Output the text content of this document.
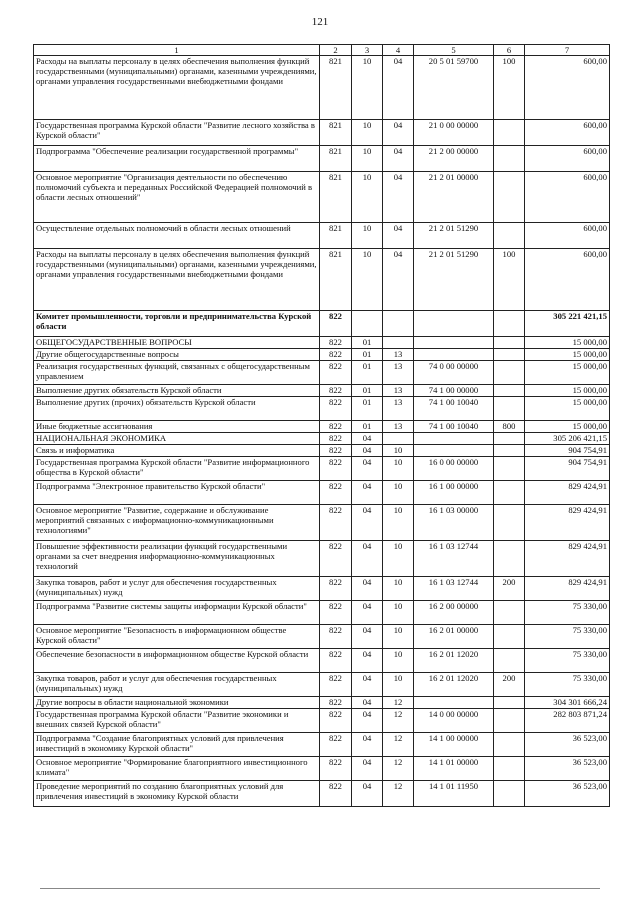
121
1	2	3	4	5	6	7
Расходы на выплаты персоналу в целях обеспечения выполнения функций государственными (муниципальными) органами, казенными учреждениями, органами управления государственными внебюджетными фондами	821	10	04	20 5 01 59700	100	600,00
Государственная программа Курской области "Развитие лесного хозяйства в Курской области"	821	10	04	21 0 00 00000		600,00
Подпрограмма "Обеспечение реализации государственной программы"	821	10	04	21 2 00 00000		600,00
Основное мероприятие "Организация деятельности по обеспечению полномочий субъекта и переданных Российской Федерацией полномочий в области лесных отношений"	821	10	04	21 2 01 00000		600,00
Осуществление отдельных полномочий в области лесных отношений	821	10	04	21 2 01 51290		600,00
Расходы на выплаты персоналу в целях обеспечения выполнения функций государственными (муниципальными) органами, казенными учреждениями, органами управления государственными внебюджетными фондами	821	10	04	21 2 01 51290	100	600,00
Комитет промышленности, торговли и предпринимательства Курской области	822					305 221 421,15
ОБЩЕГОСУДАРСТВЕННЫЕ ВОПРОСЫ	822	01				15 000,00
Другие общегосударственные вопросы	822	01	13			15 000,00
Реализация государственных функций, связанных с общегосударственным управлением	822	01	13	74 0 00 00000		15 000,00
Выполнение других обязательств Курской области	822	01	13	74 1 00 00000		15 000,00
Выполнение других (прочих) обязательств Курской области	822	01	13	74 1 00 10040		15 000,00
Иные бюджетные ассигнования	822	01	13	74 1 00 10040	800	15 000,00
НАЦИОНАЛЬНАЯ ЭКОНОМИКА	822	04				305 206 421,15
Связь и информатика	822	04	10			904 754,91
Государственная программа Курской области "Развитие информационного общества в Курской области"	822	04	10	16 0 00 00000		904 754,91
Подпрограмма "Электронное правительство Курской области"	822	04	10	16 1 00 00000		829 424,91
Основное мероприятие "Развитие, содержание и обслуживание мероприятий связанных с информационно-коммуникационными технологиями"	822	04	10	16 1 03 00000		829 424,91
Повышение эффективности реализации функций государственными органами за счет внедрения информационно-коммуникационных технологий	822	04	10	16 1 03 12744		829 424,91
Закупка товаров, работ и услуг для обеспечения государственных (муниципальных) нужд	822	04	10	16 1 03 12744	200	829 424,91
Подпрограмма "Развитие системы защиты информации Курской области"	822	04	10	16 2 00 00000		75 330,00
Основное мероприятие "Безопасность в информационном обществе Курской области"	822	04	10	16 2 01 00000		75 330,00
Обеспечение безопасности в информационном обществе Курской области	822	04	10	16 2 01 12020		75 330,00
Закупка товаров, работ и услуг для обеспечения государственных (муниципальных) нужд	822	04	10	16 2 01 12020	200	75 330,00
Другие вопросы в области национальной экономики	822	04	12			304 301 666,24
Государственная программа Курской области "Развитие экономики и внешних связей Курской области"	822	04	12	14 0 00 00000		282 803 871,24
Подпрограмма "Создание благоприятных условий для привлечения инвестиций в экономику Курской области"	822	04	12	14 1 00 00000		36 523,00
Основное мероприятие "Формирование благоприятного инвестиционного климата"	822	04	12	14 1 01 00000		36 523,00
Проведение мероприятий по созданию благоприятных условий для привлечения инвестиций в экономику Курской области	822	04	12	14 1 01 11950		36 523,00
